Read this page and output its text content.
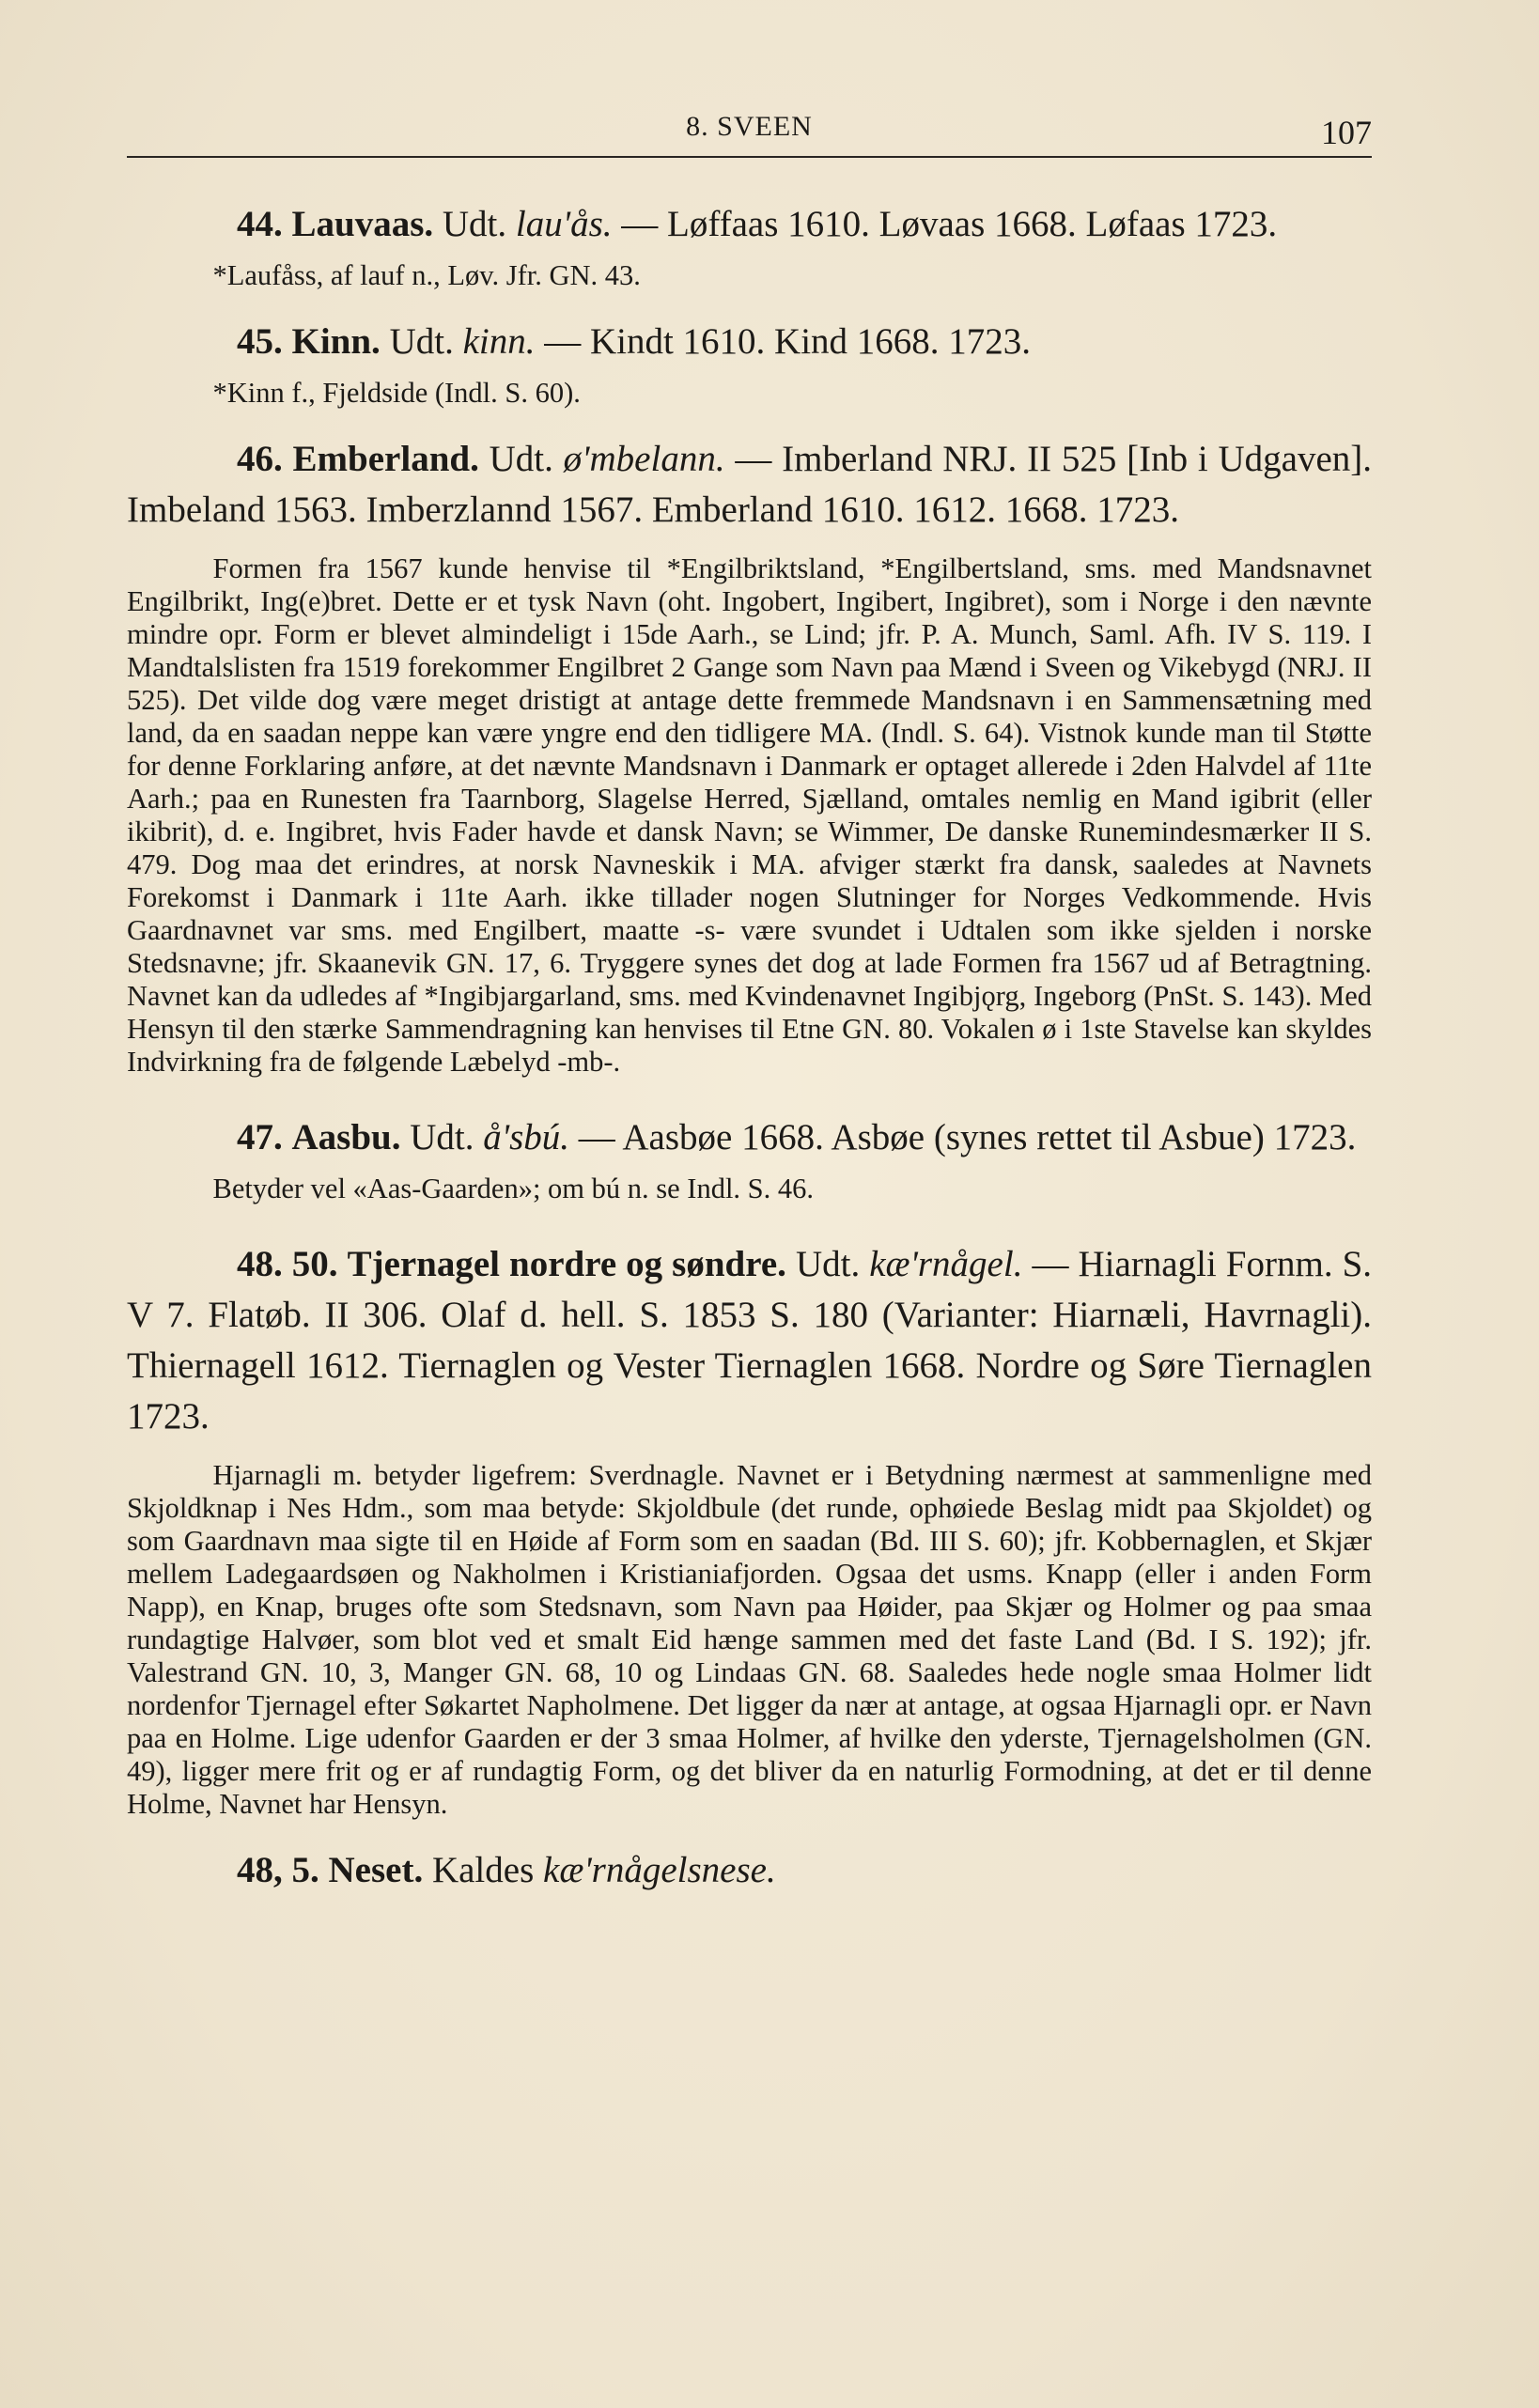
8. SVEEN	107

44. Lauvaas. Udt. lau'ås. — Løffaas 1610. Løvaas 1668. Løfaas 1723.

*Laufåss, af lauf n., Løv. Jfr. GN. 43.

45. Kinn. Udt. kinn. — Kindt 1610. Kind 1668. 1723.

*Kinn f., Fjeldside (Indl. S. 60).

46. Emberland. Udt. ø'mbelann. — Imberland NRJ. II 525 [Inb i Udgaven]. Imbeland 1563. Imberzlannd 1567. Emberland 1610. 1612. 1668. 1723.

Formen fra 1567 kunde henvise til *Engilbriktsland, *Engilbertsland, sms. med Mandsnavnet Engilbrikt, Ing(e)bret. Dette er et tysk Navn (oht. Ingobert, Ingibert, Ingibret), som i Norge i den nævnte mindre opr. Form er blevet almindeligt i 15de Aarh., se Lind; jfr. P. A. Munch, Saml. Afh. IV S. 119. I Mandtalslisten fra 1519 forekommer Engilbret 2 Gange som Navn paa Mænd i Sveen og Vikebygd (NRJ. II 525). Det vilde dog være meget dristigt at antage dette fremmede Mandsnavn i en Sammensætning med land, da en saadan neppe kan være yngre end den tidligere MA. (Indl. S. 64). Vistnok kunde man til Støtte for denne Forklaring anføre, at det nævnte Mandsnavn i Danmark er optaget allerede i 2den Halvdel af 11te Aarh.; paa en Runesten fra Taarnborg, Slagelse Herred, Sjælland, omtales nemlig en Mand igibrit (eller ikibrit), d. e. Ingibret, hvis Fader havde et dansk Navn; se Wimmer, De danske Runemindesmærker II S. 479. Dog maa det erindres, at norsk Navneskik i MA. afviger stærkt fra dansk, saaledes at Navnets Forekomst i Danmark i 11te Aarh. ikke tillader nogen Slutninger for Norges Vedkommende. Hvis Gaardnavnet var sms. med Engilbert, maatte -s- være svundet i Udtalen som ikke sjelden i norske Stedsnavne; jfr. Skaanevik GN. 17, 6. Tryggere synes det dog at lade Formen fra 1567 ud af Betragtning. Navnet kan da udledes af *Ingibjargarland, sms. med Kvindenavnet Ingibjǫrg, Ingeborg (PnSt. S. 143). Med Hensyn til den stærke Sammendragning kan henvises til Etne GN. 80. Vokalen ø i 1ste Stavelse kan skyldes Indvirkning fra de følgende Læbelyd -mb-.

47. Aasbu. Udt. å'sbú. — Aasbøe 1668. Asbøe (synes rettet til Asbue) 1723.

Betyder vel «Aas-Gaarden»; om bú n. se Indl. S. 46.

48. 50. Tjernagel nordre og søndre. Udt. kæ'rnågel. — Hiarnagli Fornm. S. V 7. Flatøb. II 306. Olaf d. hell. S. 1853 S. 180 (Varianter: Hiarnæli, Havrnagli). Thiernagell 1612. Tiernaglen og Vester Tiernaglen 1668. Nordre og Søre Tiernaglen 1723.

Hjarnagli m. betyder ligefrem: Sverdnagle. Navnet er i Betydning nærmest at sammenligne med Skjoldknap i Nes Hdm., som maa betyde: Skjoldbule (det runde, ophøiede Beslag midt paa Skjoldet) og som Gaardnavn maa sigte til en Høide af Form som en saadan (Bd. III S. 60); jfr. Kobbernaglen, et Skjær mellem Ladegaardsøen og Nakholmen i Kristianiafjorden. Ogsaa det usms. Knapp (eller i anden Form Napp), en Knap, bruges ofte som Stedsnavn, som Navn paa Høider, paa Skjær og Holmer og paa smaa rundagtige Halvøer, som blot ved et smalt Eid hænge sammen med det faste Land (Bd. I S. 192); jfr. Valestrand GN. 10, 3, Manger GN. 68, 10 og Lindaas GN. 68. Saaledes hede nogle smaa Holmer lidt nordenfor Tjernagel efter Søkartet Napholmene. Det ligger da nær at antage, at ogsaa Hjarnagli opr. er Navn paa en Holme. Lige udenfor Gaarden er der 3 smaa Holmer, af hvilke den yderste, Tjernagelsholmen (GN. 49), ligger mere frit og er af rundagtig Form, og det bliver da en naturlig Formodning, at det er til denne Holme, Navnet har Hensyn.

48, 5. Neset. Kaldes kæ'rnågelsnese.
